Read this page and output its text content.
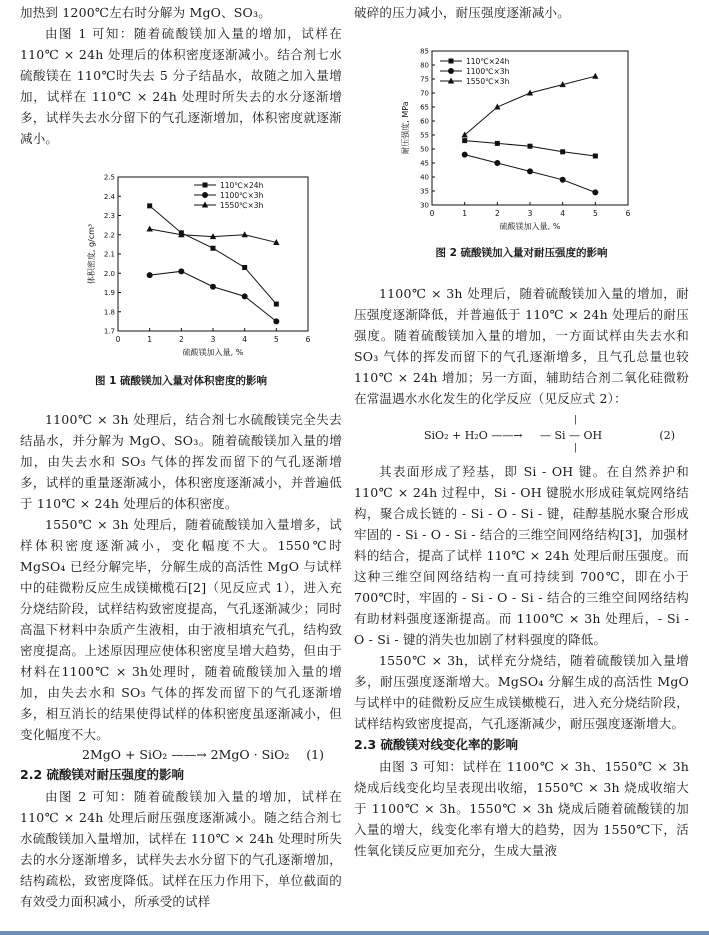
加热到 1200℃左右时分解为 MgO、SO₃。

由图 1 可知：随着硫酸镁加入量的增加，试样在 110℃ × 24h 处理后的体积密度逐渐减小。结合剂七水硫酸镁在 110℃时失去 5 分子结晶水，故随之加入量增加，试样在 110℃ × 24h 处理时所失去的水分逐渐增多，试样失去水分留下的气孔逐渐增加，体积密度就逐渐减小。

0	1	2	3	4	5	6
1.7
1.8
1.9
2.0
2.1
2.2
2.3
2.4
2.5
硫酸镁加入量, %
体积密度, g/cm³
110℃×24h
1100℃×3h
1550℃×3h
图 1 硫酸镁加入量对体积密度的影响

1100℃ × 3h 处理后，结合剂七水硫酸镁完全失去结晶水，并分解为 MgO、SO₃。随着硫酸镁加入量的增加，由失去水和 SO₃ 气体的挥发而留下的气孔逐渐增多，试样的重量逐渐减小，体积密度逐渐减小，并普遍低于 110℃ × 24h 处理后的体积密度。

1550℃ × 3h 处理后，随着硫酸镁加入量增多，试样体积密度逐渐减小，变化幅度不大。1550℃时 MgSO₄ 已经分解完毕，分解生成的高活性 MgO 与试样中的硅微粉反应生成镁橄榄石[2]（见反应式 1），进入充分烧结阶段，试样结构致密度提高，气孔逐渐减少；同时高温下材料中杂质产生液相，由于液相填充气孔，结构致密度提高。上述原因理应使体积密度呈增大趋势，但由于材料在1100℃ × 3h处理时，随着硫酸镁加入量的增加，由失去水和 SO₃ 气体的挥发而留下的气孔逐渐增多，相互消长的结果使得试样的体积密度虽逐渐减小，但变化幅度不大。

2MgO + SiO₂ ——→ 2MgO · SiO₂ (1)

2.2 硫酸镁对耐压强度的影响

由图 2 可知：随着硫酸镁加入量的增加，试样在 110℃ × 24h 处理后耐压强度逐渐减小。随之结合剂七水硫酸镁加入量增加，试样在 110℃ × 24h 处理时所失去的水分逐渐增多，试样失去水分留下的气孔逐渐增加，结构疏松，致密度降低。试样在压力作用下，单位截面的有效受力面积减小，所承受的试样

破碎的压力减小，耐压强度逐渐减小。

0	1	2	3	4	5	6
30
35
40
45
50
55
60
65
70
75
80
85
硫酸镁加入量, %
耐压强度, MPa
110℃×24h
1100℃×3h
1550℃×3h
图 2 硫酸镁加入量对耐压强度的影响

1100℃ × 3h 处理后，随着硫酸镁加入量的增加，耐压强度逐渐降低，并普遍低于 110℃ × 24h 处理后的耐压强度。随着硫酸镁加入量的增加，一方面试样由失去水和 SO₃ 气体的挥发而留下的气孔逐渐增多，且气孔总量也较 110℃ × 24h 增加；另一方面，辅助结合剂二氧化硅微粉在常温遇水水化发生的化学反应（见反应式 2）：

SiO₂ + H₂O ——→ — Si — OH
|
|
(2)

其表面形成了羟基，即 Si - OH 键。在自然养护和 110℃ × 24h 过程中，Si - OH 键脱水形成硅氧烷网络结构，聚合成长链的 - Si - O - Si - 键，硅醇基脱水聚合形成牢固的 - Si - O - Si - 结合的三维空间网络结构[3]，加强材料的结合，提高了试样 110℃ × 24h 处理后耐压强度。而这种三维空间网络结构一直可持续到 700℃，即在小于 700℃时，牢固的 - Si - O - Si - 结合的三维空间网络结构有助材料强度逐渐提高。而 1100℃ × 3h 处理后，- Si - O - Si - 键的消失也加剧了材料强度的降低。

1550℃ × 3h，试样充分烧结，随着硫酸镁加入量增多，耐压强度逐渐增大。MgSO₄ 分解生成的高活性 MgO 与试样中的硅微粉反应生成镁橄榄石，进入充分烧结阶段，试样结构致密度提高，气孔逐渐减少，耐压强度逐渐增大。

2.3 硫酸镁对线变化率的影响

由图 3 可知：试样在 1100℃ × 3h、1550℃ × 3h 烧成后线变化均呈表现出收缩，1550℃ × 3h 烧成收缩大于 1100℃ × 3h。1550℃ × 3h 烧成后随着硫酸镁的加入量的增大，线变化率有增大的趋势，因为 1550℃下，活性氧化镁反应更加充分，生成大量液
